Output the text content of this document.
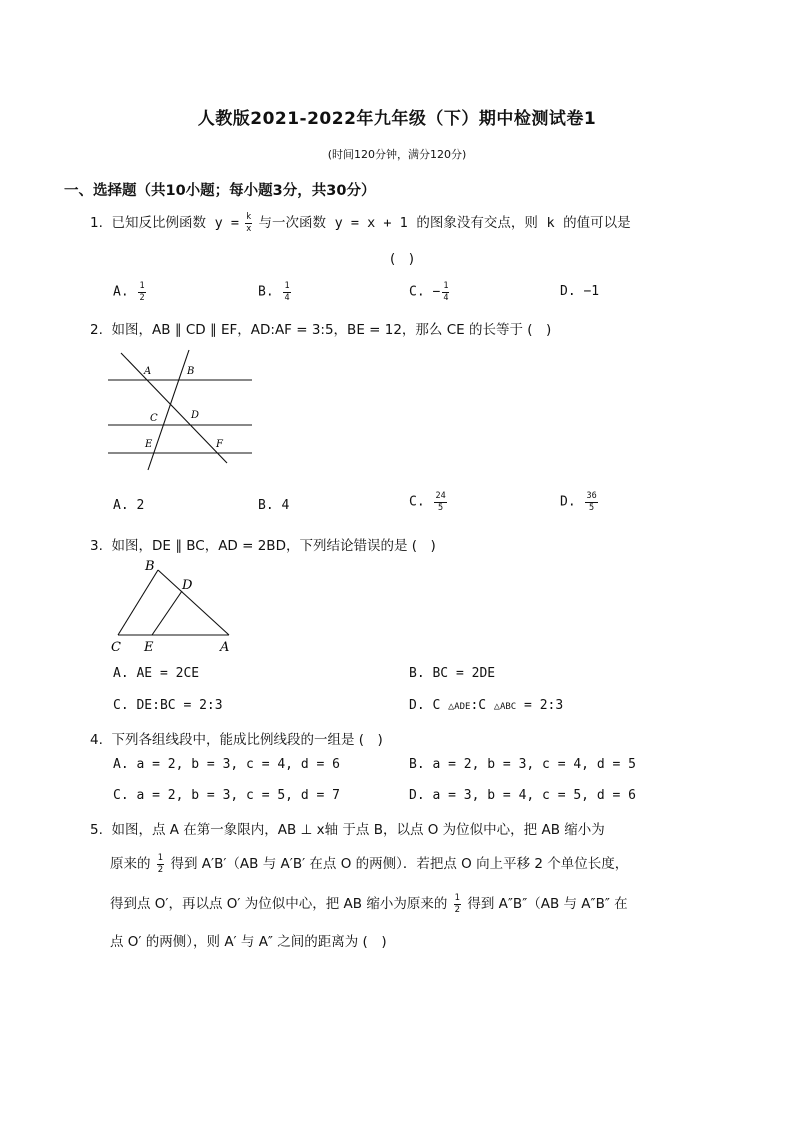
人教版2021-2022年九年级（下）期中检测试卷1
(时间120分钟，满分120分)
一、选择题（共10小题；每小题3分，共30分）
1. 已知反比例函数 $y = \frac{k}{x}$ 与一次函数 y = x + 1 的图象没有交点，则 k 的值可以是
(　)
A. $\frac{1}{2}$	B. $\frac{1}{4}$	C. − $\frac{1}{4}$	D. −1
2. 如图，AB ∥ CD ∥ EF，AD:AF = 3:5，BE = 12，那么 CE 的长等于 (　)
A	B
C	D
E	F
A. 2	B. 4	C. $\frac{24}{5}$	D. $\frac{36}{5}$
3. 如图，DE ∥ BC，AD = 2BD，下列结论错误的是 (　)
B
D
C E	A
A. AE = 2CE	B. BC = 2DE
C. DE:BC = 2:3	D. C △ADE:C △ABC = 2:3
4. 下列各组线段中，能成比例线段的一组是 (　)
A. a = 2, b = 3, c = 4, d = 6	B. a = 2, b = 3, c = 4, d = 5
C. a = 2, b = 3, c = 5, d = 7	D. a = 3, b = 4, c = 5, d = 6
5. 如图，点 A 在第一象限内，AB ⊥ x轴 于点 B，以点 O 为位似中心，把 AB 缩小为
原来的 $\frac{1}{2}$ 得到 A′B′（AB 与 A′B′ 在点 O 的两侧）．若把点 O 向上平移 2 个单位长度，
得到点 O′，再以点 O′ 为位似中心，把 AB 缩小为原来的 $\frac{1}{2}$ 得到 A″B″（AB 与 A″B″ 在
点 O′ 的两侧），则 A′ 与 A″ 之间的距离为 (　)
